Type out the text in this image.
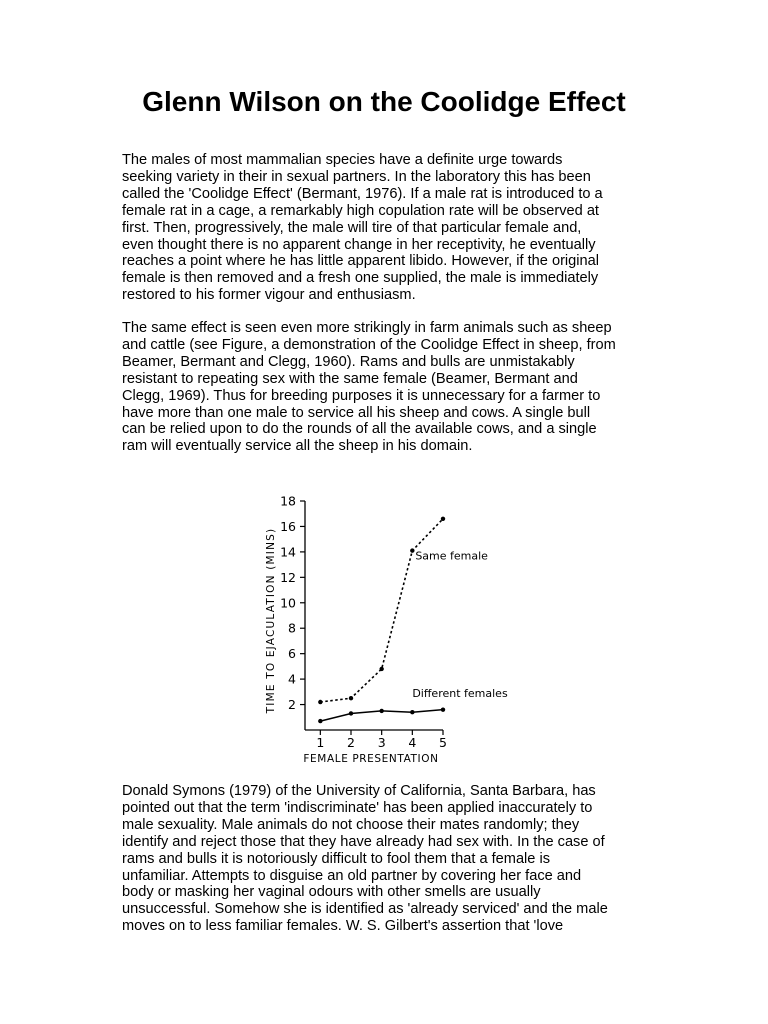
Glenn Wilson on the Coolidge Effect

The males of most mammalian species have a definite urge towards
seeking variety in their in sexual partners. In the laboratory this has been
called the 'Coolidge Effect' (Bermant, 1976). If a male rat is introduced to a
female rat in a cage, a remarkably high copulation rate will be observed at
first. Then, progressively, the male will tire of that particular female and,
even thought there is no apparent change in her receptivity, he eventually
reaches a point where he has little apparent libido. However, if the original
female is then removed and a fresh one supplied, the male is immediately
restored to his former vigour and enthusiasm.

The same effect is seen even more strikingly in farm animals such as sheep
and cattle (see Figure, a demonstration of the Coolidge Effect in sheep, from
Beamer, Bermant and Clegg, 1960). Rams and bulls are unmistakably
resistant to repeating sex with the same female (Beamer, Bermant and
Clegg, 1969). Thus for breeding purposes it is unnecessary for a farmer to
have more than one male to service all his sheep and cows. A single bull
can be relied upon to do the rounds of all the available cows, and a single
ram will eventually service all the sheep in his domain.

2
4
6
8
10
12
14
16
18
1 2 3 4 5
TIME TO EJACULATION (MINS)
FEMALE PRESENTATION
Same female
Different females

Donald Symons (1979) of the University of California, Santa Barbara, has
pointed out that the term 'indiscriminate' has been applied inaccurately to
male sexuality. Male animals do not choose their mates randomly; they
identify and reject those that they have already had sex with. In the case of
rams and bulls it is notoriously difficult to fool them that a female is
unfamiliar. Attempts to disguise an old partner by covering her face and
body or masking her vaginal odours with other smells are usually
unsuccessful. Somehow she is identified as 'already serviced' and the male
moves on to less familiar females. W. S. Gilbert's assertion that 'love
